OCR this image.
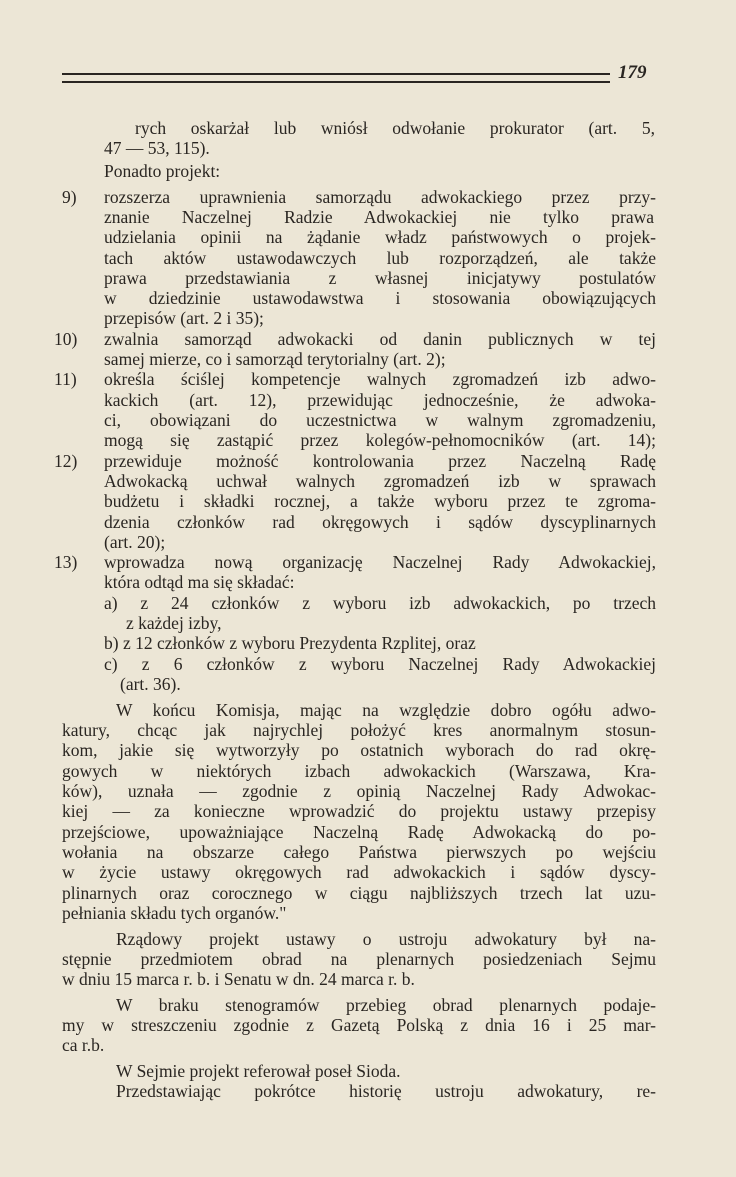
179
9)
10)
11)
12)
13)
rych oskarżał lub wniósł odwołanie prokurator (art. 5,
47 — 53, 115).
Ponadto projekt:
rozszerza uprawnienia samorządu adwokackiego przez przy-
znanie Naczelnej Radzie Adwokackiej nie tylko prawa
udzielania opinii na żądanie władz państwowych o projek-
tach aktów ustawodawczych lub rozporządzeń, ale także
prawa przedstawiania z własnej inicjatywy postulatów
w dziedzinie ustawodawstwa i stosowania obowiązujących
przepisów (art. 2 i 35);
zwalnia samorząd adwokacki od danin publicznych w tej
samej mierze, co i samorząd terytorialny (art. 2);
określa ściślej kompetencje walnych zgromadzeń izb adwo-
kackich (art. 12), przewidując jednocześnie, że adwoka-
ci, obowiązani do uczestnictwa w walnym zgromadzeniu,
mogą się zastąpić przez kolegów-pełnomocników (art. 14);
przewiduje możność kontrolowania przez Naczelną Radę
Adwokacką uchwał walnych zgromadzeń izb w sprawach
budżetu i składki rocznej, a także wyboru przez te zgroma-
dzenia członków rad okręgowych i sądów dyscyplinarnych
(art. 20);
wprowadza nową organizację Naczelnej Rady Adwokackiej,
która odtąd ma się składać:
a) z 24 członków z wyboru izb adwokackich, po trzech
z każdej izby,
b) z 12 członków z wyboru Prezydenta Rzplitej, oraz
c) z 6 członków z wyboru Naczelnej Rady Adwokackiej
(art. 36).
W końcu Komisja, mając na względzie dobro ogółu adwo-
katury, chcąc jak najrychlej położyć kres anormalnym stosun-
kom, jakie się wytworzyły po ostatnich wyborach do rad okrę-
gowych w niektórych izbach adwokackich (Warszawa, Kra-
ków), uznała — zgodnie z opinią Naczelnej Rady Adwokac-
kiej — za konieczne wprowadzić do projektu ustawy przepisy
przejściowe, upoważniające Naczelną Radę Adwokacką do po-
wołania na obszarze całego Państwa pierwszych po wejściu
w życie ustawy okręgowych rad adwokackich i sądów dyscy-
plinarnych oraz corocznego w ciągu najbliższych trzech lat uzu-
pełniania składu tych organów."
Rządowy projekt ustawy o ustroju adwokatury był na-
stępnie przedmiotem obrad na plenarnych posiedzeniach Sejmu
w dniu 15 marca r. b. i Senatu w dn. 24 marca r. b.
W braku stenogramów przebieg obrad plenarnych podaje-
my w streszczeniu zgodnie z Gazetą Polską z dnia 16 i 25 mar-
ca r.b.
W Sejmie projekt referował poseł Sioda.
Przedstawiając pokrótce historię ustroju adwokatury, re-
